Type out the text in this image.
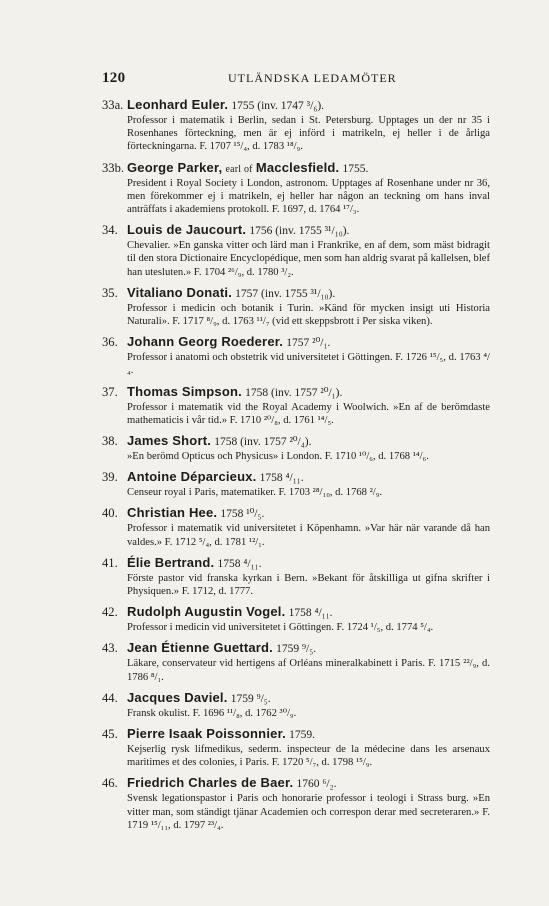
120	UTLÄNDSKA LEDAMÖTER
33a. Leonhard Euler. 1755 (inv. 1747 ³/₆).
Professor i matematik i Berlin, sedan i St. Petersburg. Upptages un der nr 35 i Rosenhanes förteckning, men är ej införd i matrikeln, ej heller i de årliga förteckningarna. F. 1707 ¹⁵/₄, d. 1783 ¹⁸/₉.
33b. George Parker, earl of Macclesfield. 1755.
President i Royal Society i London, astronom. Upptages af Rosenhane under nr 36, men förekommer ej i matrikeln, ej heller har någon an teckning om hans inval anträffats i akademiens protokoll. F. 1697, d. 1764 ¹⁷/₃.
34. Louis de Jaucourt. 1756 (inv. 1755 ³¹/₁₀).
Chevalier. »En ganska vitter och lärd man i Frankrike, en af dem, som mäst bidragit til den stora Dictionaire Encyclopédique, men som han aldrig svarat på kallelsen, blef han uteslutеn.» F. 1704 ²⁶/₉, d. 1780 ³/₂.
35. Vitaliano Donati. 1757 (inv. 1755 ³¹/₁₀).
Professor i medicin och botanik i Turin. »Känd för mycken insigt uti Historia Naturali». F. 1717 ⁸/₉, d. 1763 ¹¹/₇ (vid ett skeppsbrott i Per siska viken).
36. Johann Georg Roederer. 1757 ²⁰/₁.
Professor i anatomi och obstetrik vid universitetet i Göttingen. F. 1726 ¹⁵/₅, d. 1763 ⁴/₄.
37. Thomas Simpson. 1758 (inv. 1757 ²⁰/₁).
Professor i matematik vid the Royal Academy i Woolwich. »En af de berömdaste mathematicis i vår tid.» F. 1710 ²⁰/₈, d. 1761 ¹⁴/₅.
38. James Short. 1758 (inv. 1757 ²⁰/₄).
»En berömd Opticus och Physicus» i London. F. 1710 ¹⁰/₆, d. 1768 ¹⁴/₆.
39. Antoine Déparcieux. 1758 ⁴/₁₁.
Censeur royal i Paris, matematiker. F. 1703 ²⁸/₁₀, d. 1768 ²/₉.
40. Christian Hee. 1758 ¹⁰/₅.
Professor i matematik vid universitetet i Köpenhamn. »Var här när varande då han valdes.» F. 1712 ⁵/₄, d. 1781 ¹²/₁.
41. Élie Bertrand. 1758 ⁴/₁₁.
Förste pastor vid franska kyrkan i Bern. »Bekant för åtskilliga ut gifna skrifter i Physiquen.» F. 1712, d. 1777.
42. Rudolph Augustin Vogel. 1758 ⁴/₁₁.
Professor i medicin vid universitetet i Göttingen. F. 1724 ¹/₅, d. 1774 ⁵/₄.
43. Jean Étienne Guettard. 1759 ⁹/₅.
Läkare, conservateur vid hertigens af Orléans mineralkabinett i Paris. F. 1715 ²²/₉, d. 1786 ⁸/₁.
44. Jacques Daviel. 1759 ⁹/₅.
Fransk okulist. F. 1696 ¹¹/₈, d. 1762 ³⁰/₉.
45. Pierre Isaak Poissonnier. 1759.
Kejserlig rysk lifmedikus, sederm. inspecteur de la médecine dans les arsenaux maritimes et des colonies, i Paris. F. 1720 ⁵/₇, d. 1798 ¹⁵/₉.
46. Friedrich Charles de Baer. 1760 ⁶/₂.
Svensk legationspastor i Paris och honorarie professor i teologi i Strass burg. »En vitter man, som ständigt tjänar Academien och correspon derar med secreteraren.» F. 1719 ¹⁵/₁₁, d. 1797 ²³/₄.
